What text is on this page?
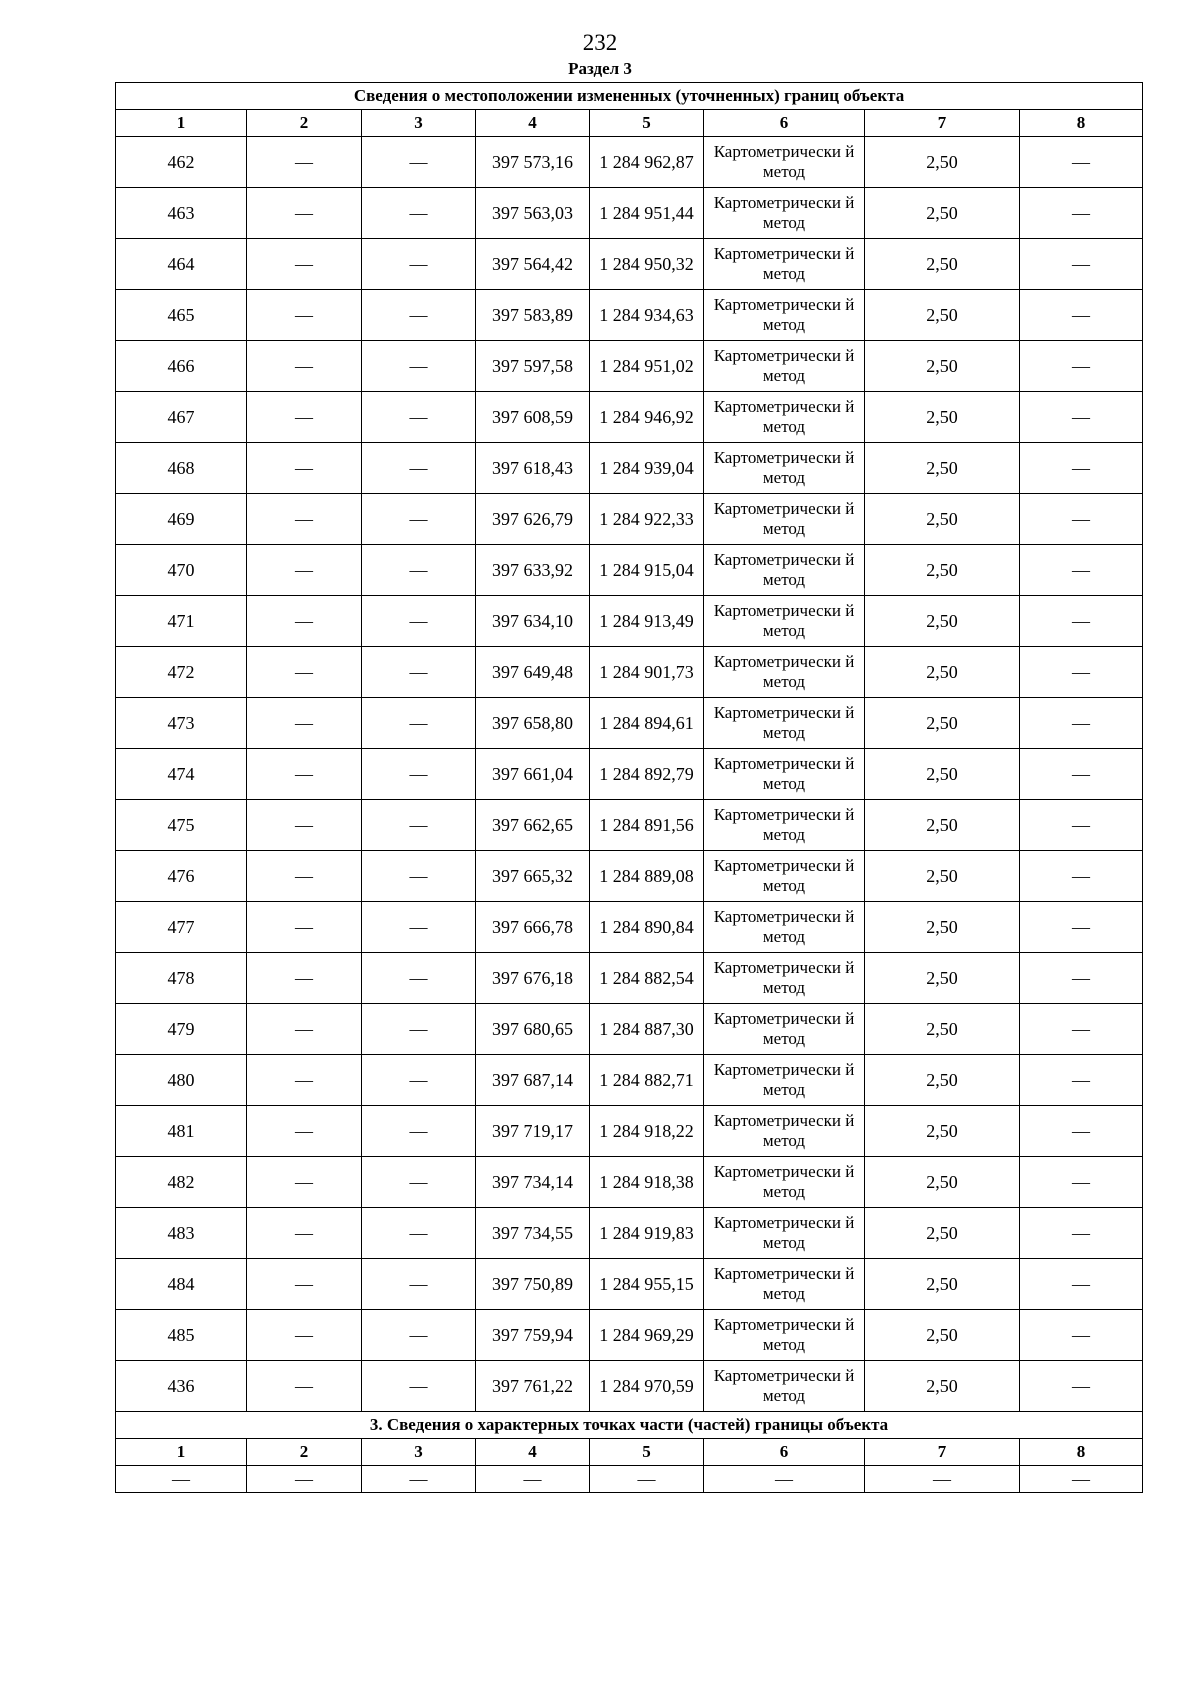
232
Раздел 3
Сведения о местоположении измененных (уточненных) границ объекта							
1	2	3	4	5	6	7	8
462	—	—	397 573,16	1 284 962,87	Картометрически й метод	2,50	—
463	—	—	397 563,03	1 284 951,44	Картометрически й метод	2,50	—
464	—	—	397 564,42	1 284 950,32	Картометрически й метод	2,50	—
465	—	—	397 583,89	1 284 934,63	Картометрически й метод	2,50	—
466	—	—	397 597,58	1 284 951,02	Картометрически й метод	2,50	—
467	—	—	397 608,59	1 284 946,92	Картометрически й метод	2,50	—
468	—	—	397 618,43	1 284 939,04	Картометрически й метод	2,50	—
469	—	—	397 626,79	1 284 922,33	Картометрически й метод	2,50	—
470	—	—	397 633,92	1 284 915,04	Картометрически й метод	2,50	—
471	—	—	397 634,10	1 284 913,49	Картометрически й метод	2,50	—
472	—	—	397 649,48	1 284 901,73	Картометрически й метод	2,50	—
473	—	—	397 658,80	1 284 894,61	Картометрически й метод	2,50	—
474	—	—	397 661,04	1 284 892,79	Картометрически й метод	2,50	—
475	—	—	397 662,65	1 284 891,56	Картометрически й метод	2,50	—
476	—	—	397 665,32	1 284 889,08	Картометрически й метод	2,50	—
477	—	—	397 666,78	1 284 890,84	Картометрически й метод	2,50	—
478	—	—	397 676,18	1 284 882,54	Картометрически й метод	2,50	—
479	—	—	397 680,65	1 284 887,30	Картометрически й метод	2,50	—
480	—	—	397 687,14	1 284 882,71	Картометрически й метод	2,50	—
481	—	—	397 719,17	1 284 918,22	Картометрически й метод	2,50	—
482	—	—	397 734,14	1 284 918,38	Картометрически й метод	2,50	—
483	—	—	397 734,55	1 284 919,83	Картометрически й метод	2,50	—
484	—	—	397 750,89	1 284 955,15	Картометрически й метод	2,50	—
485	—	—	397 759,94	1 284 969,29	Картометрически й метод	2,50	—
436	—	—	397 761,22	1 284 970,59	Картометрически й метод	2,50	—
3. Сведения о характерных точках части (частей) границы объекта							
1	2	3	4	5	6	7	8
—	—	—	—	—	—	—	—
